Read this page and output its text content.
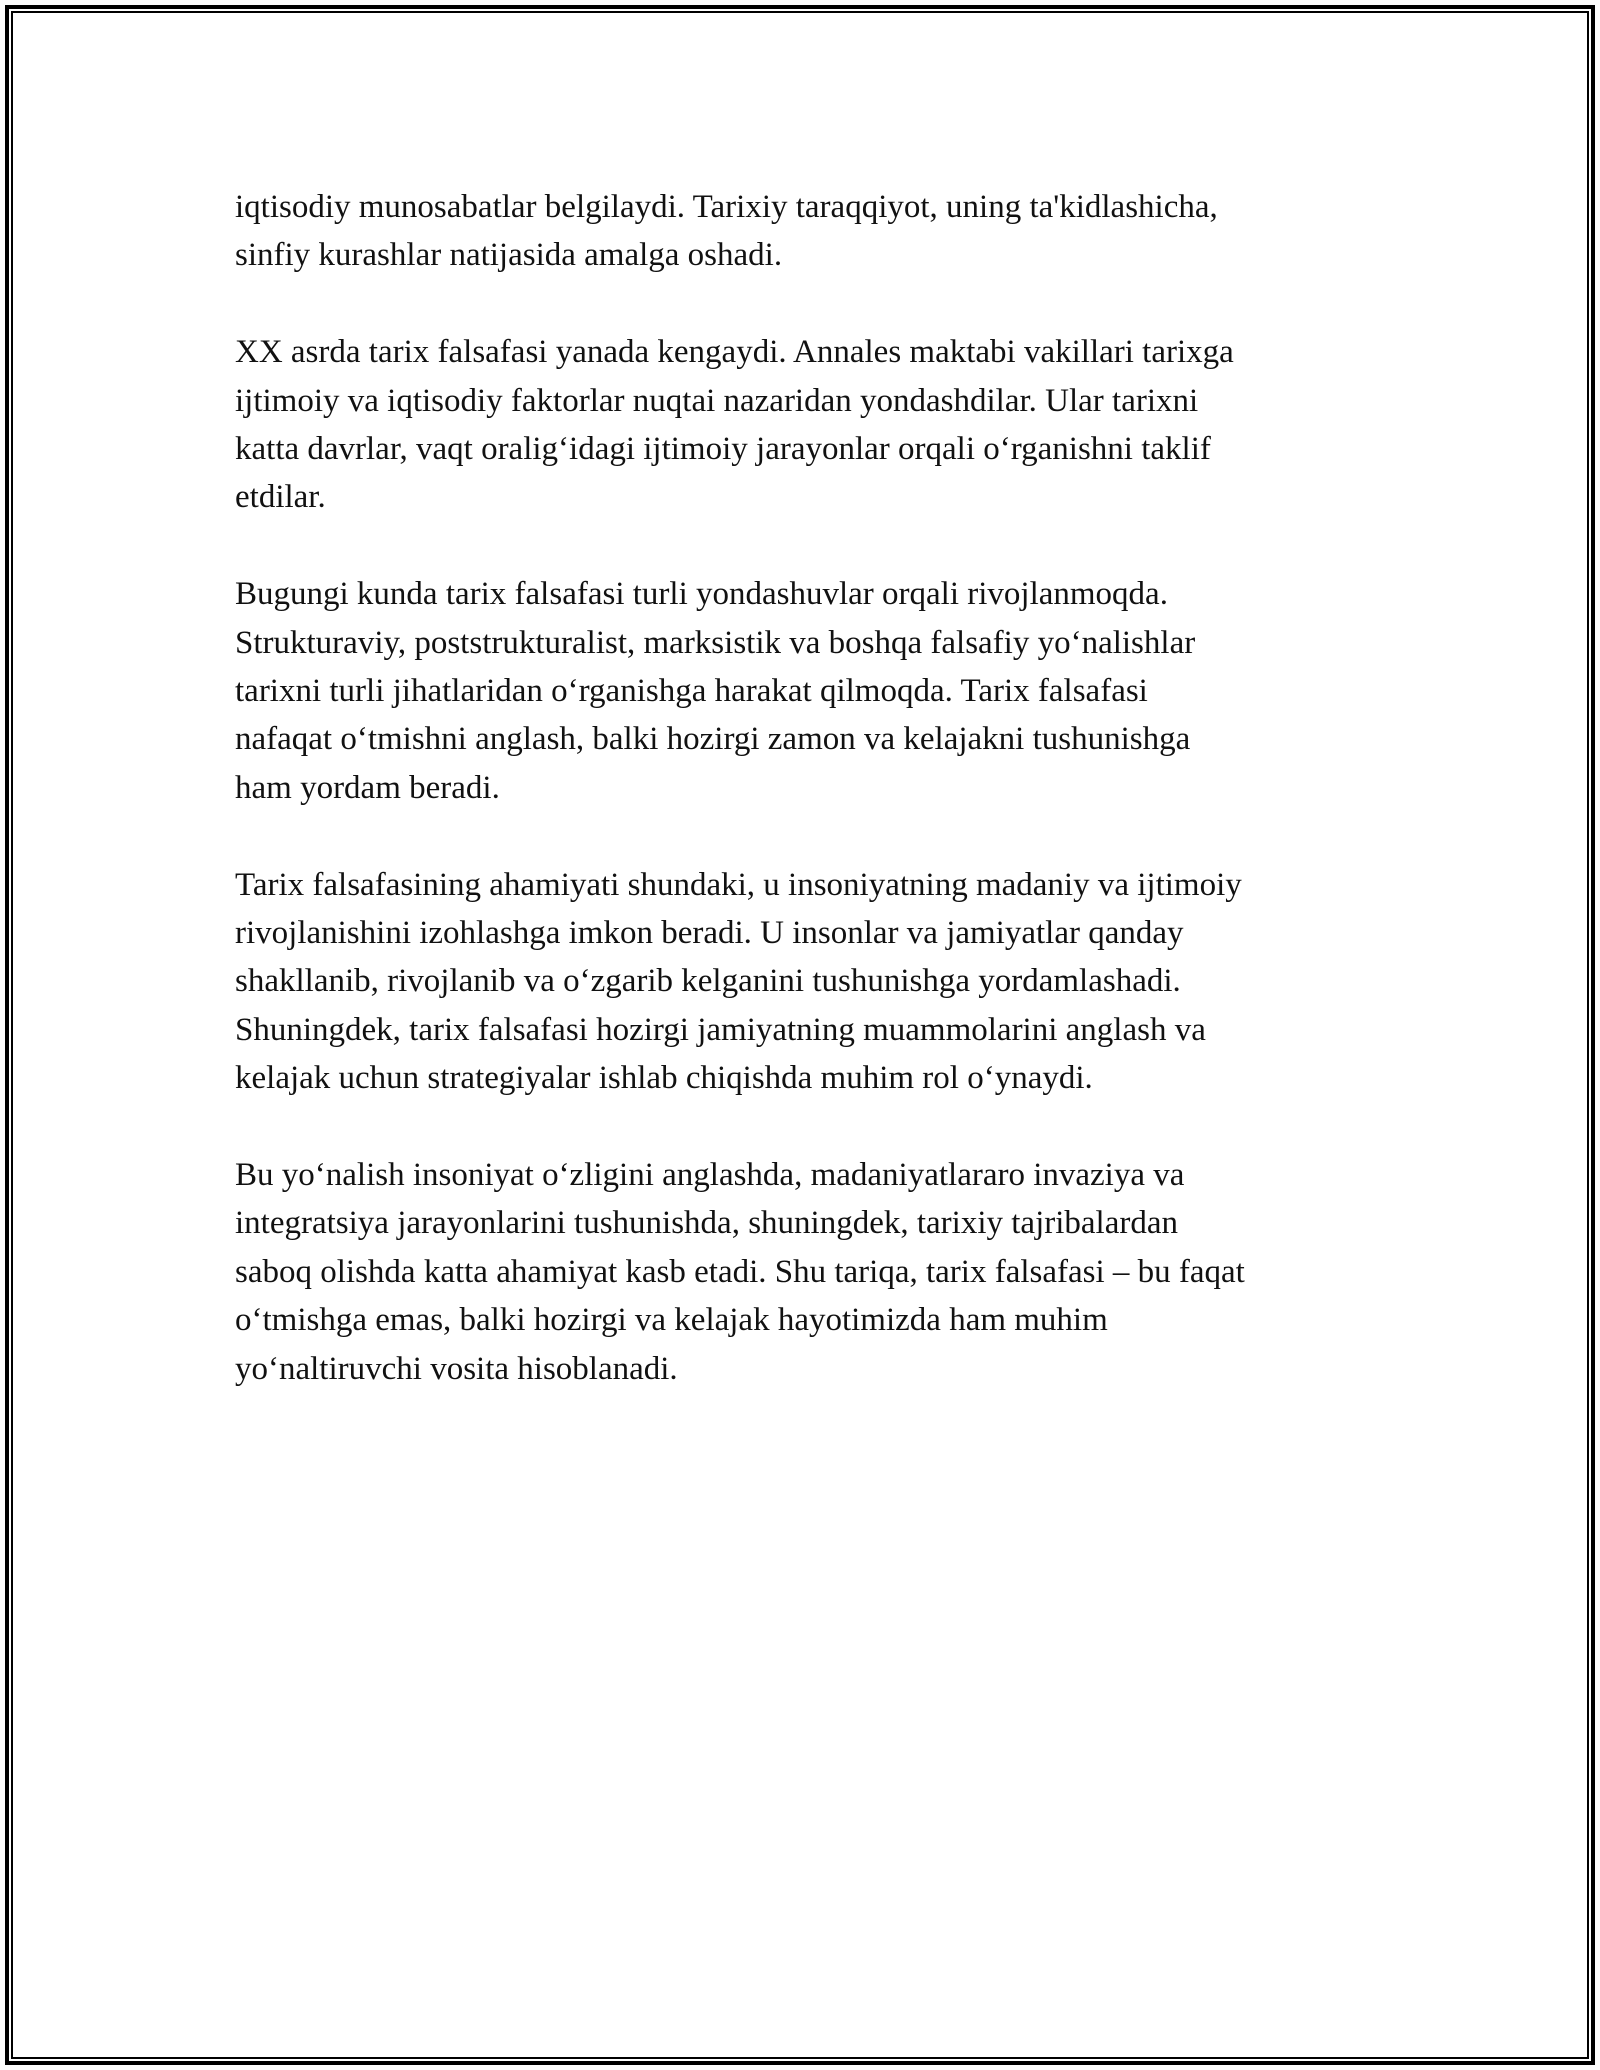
iqtisodiy munosabatlar belgilaydi. Tarixiy taraqqiyot, uning ta'kidlashicha,
sinfiy kurashlar natijasida amalga oshadi.

XX asrda tarix falsafasi yanada kengaydi. Annales maktabi vakillari tarixga
ijtimoiy va iqtisodiy faktorlar nuqtai nazaridan yondashdilar. Ular tarixni
katta davrlar, vaqt oralig‘idagi ijtimoiy jarayonlar orqali o‘rganishni taklif
etdilar.

Bugungi kunda tarix falsafasi turli yondashuvlar orqali rivojlanmoqda.
Strukturaviy, poststrukturalist, marksistik va boshqa falsafiy yo‘nalishlar
tarixni turli jihatlaridan o‘rganishga harakat qilmoqda. Tarix falsafasi
nafaqat o‘tmishni anglash, balki hozirgi zamon va kelajakni tushunishga
ham yordam beradi.

Tarix falsafasining ahamiyati shundaki, u insoniyatning madaniy va ijtimoiy
rivojlanishini izohlashga imkon beradi. U insonlar va jamiyatlar qanday
shakllanib, rivojlanib va o‘zgarib kelganini tushunishga yordamlashadi.
Shuningdek, tarix falsafasi hozirgi jamiyatning muammolarini anglash va
kelajak uchun strategiyalar ishlab chiqishda muhim rol o‘ynaydi.

Bu yo‘nalish insoniyat o‘zligini anglashda, madaniyatlararo invaziya va
integratsiya jarayonlarini tushunishda, shuningdek, tarixiy tajribalardan
saboq olishda katta ahamiyat kasb etadi. Shu tariqa, tarix falsafasi – bu faqat
o‘tmishga emas, balki hozirgi va kelajak hayotimizda ham muhim
yo‘naltiruvchi vosita hisoblanadi.
